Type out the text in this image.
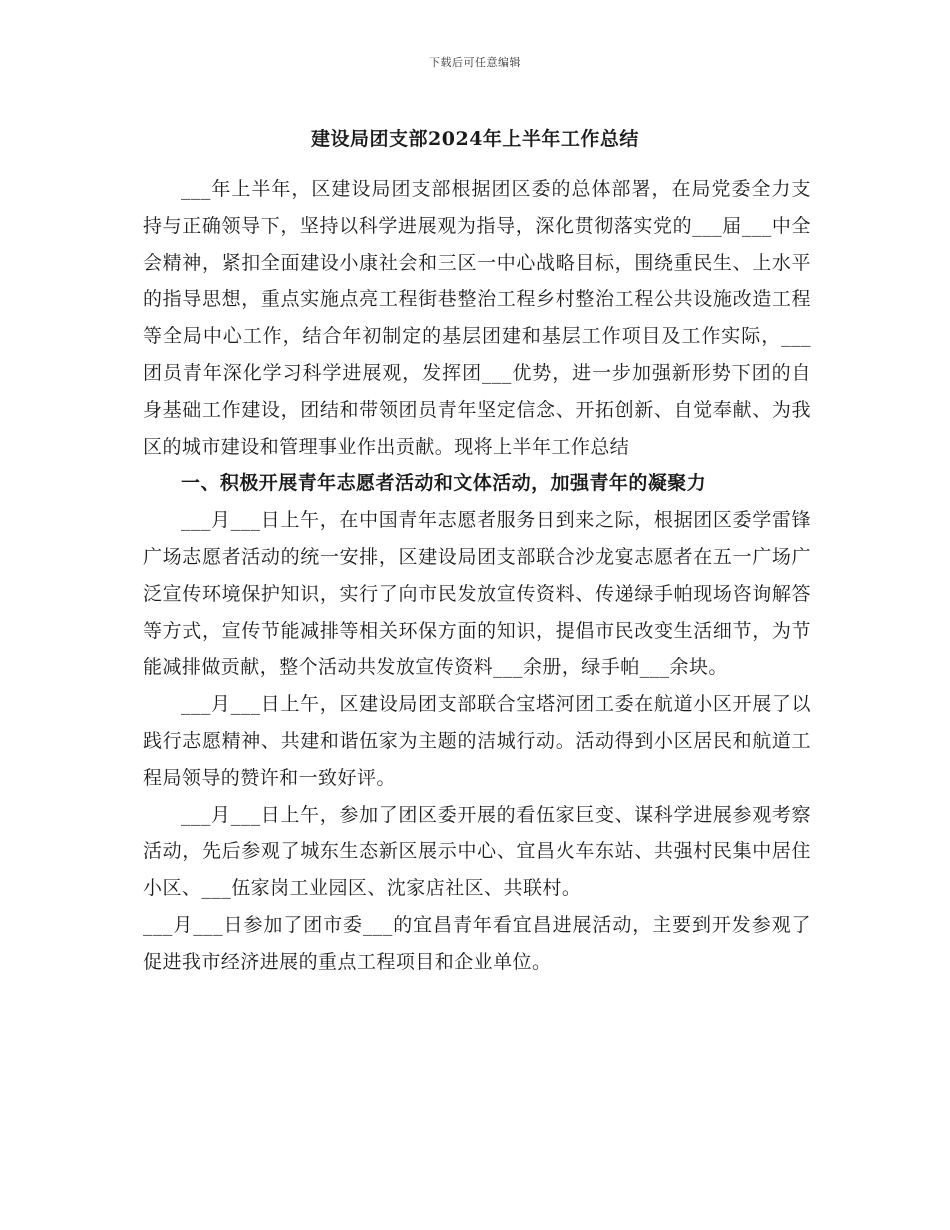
下载后可任意编辑
建设局团支部2024年上半年工作总结

___年上半年，区建设局团支部根据团区委的总体部署，在局党委全力支持与正确领导下，坚持以科学进展观为指导，深化贯彻落实党的___届___中全会精神，紧扣全面建设小康社会和三区一中心战略目标，围绕重民生、上水平的指导思想，重点实施点亮工程街巷整治工程乡村整治工程公共设施改造工程等全局中心工作，结合年初制定的基层团建和基层工作项目及工作实际，___团员青年深化学习科学进展观，发挥团___优势，进一步加强新形势下团的自身基础工作建设，团结和带领团员青年坚定信念、开拓创新、自觉奉献、为我区的城市建设和管理事业作出贡献。现将上半年工作总结

一、积极开展青年志愿者活动和文体活动，加强青年的凝聚力

___月___日上午，在中国青年志愿者服务日到来之际，根据团区委学雷锋广场志愿者活动的统一安排，区建设局团支部联合沙龙宴志愿者在五一广场广泛宣传环境保护知识，实行了向市民发放宣传资料、传递绿手帕现场咨询解答等方式，宣传节能减排等相关环保方面的知识，提倡市民改变生活细节，为节能减排做贡献，整个活动共发放宣传资料___余册，绿手帕___余块。

___月___日上午，区建设局团支部联合宝塔河团工委在航道小区开展了以践行志愿精神、共建和谐伍家为主题的洁城行动。活动得到小区居民和航道工程局领导的赞许和一致好评。

___月___日上午，参加了团区委开展的看伍家巨变、谋科学进展参观考察活动，先后参观了城东生态新区展示中心、宜昌火车东站、共强村民集中居住小区、___伍家岗工业园区、沈家店社区、共联村。

___月___日参加了团市委___的宜昌青年看宜昌进展活动，主要到开发参观了促进我市经济进展的重点工程项目和企业单位。
